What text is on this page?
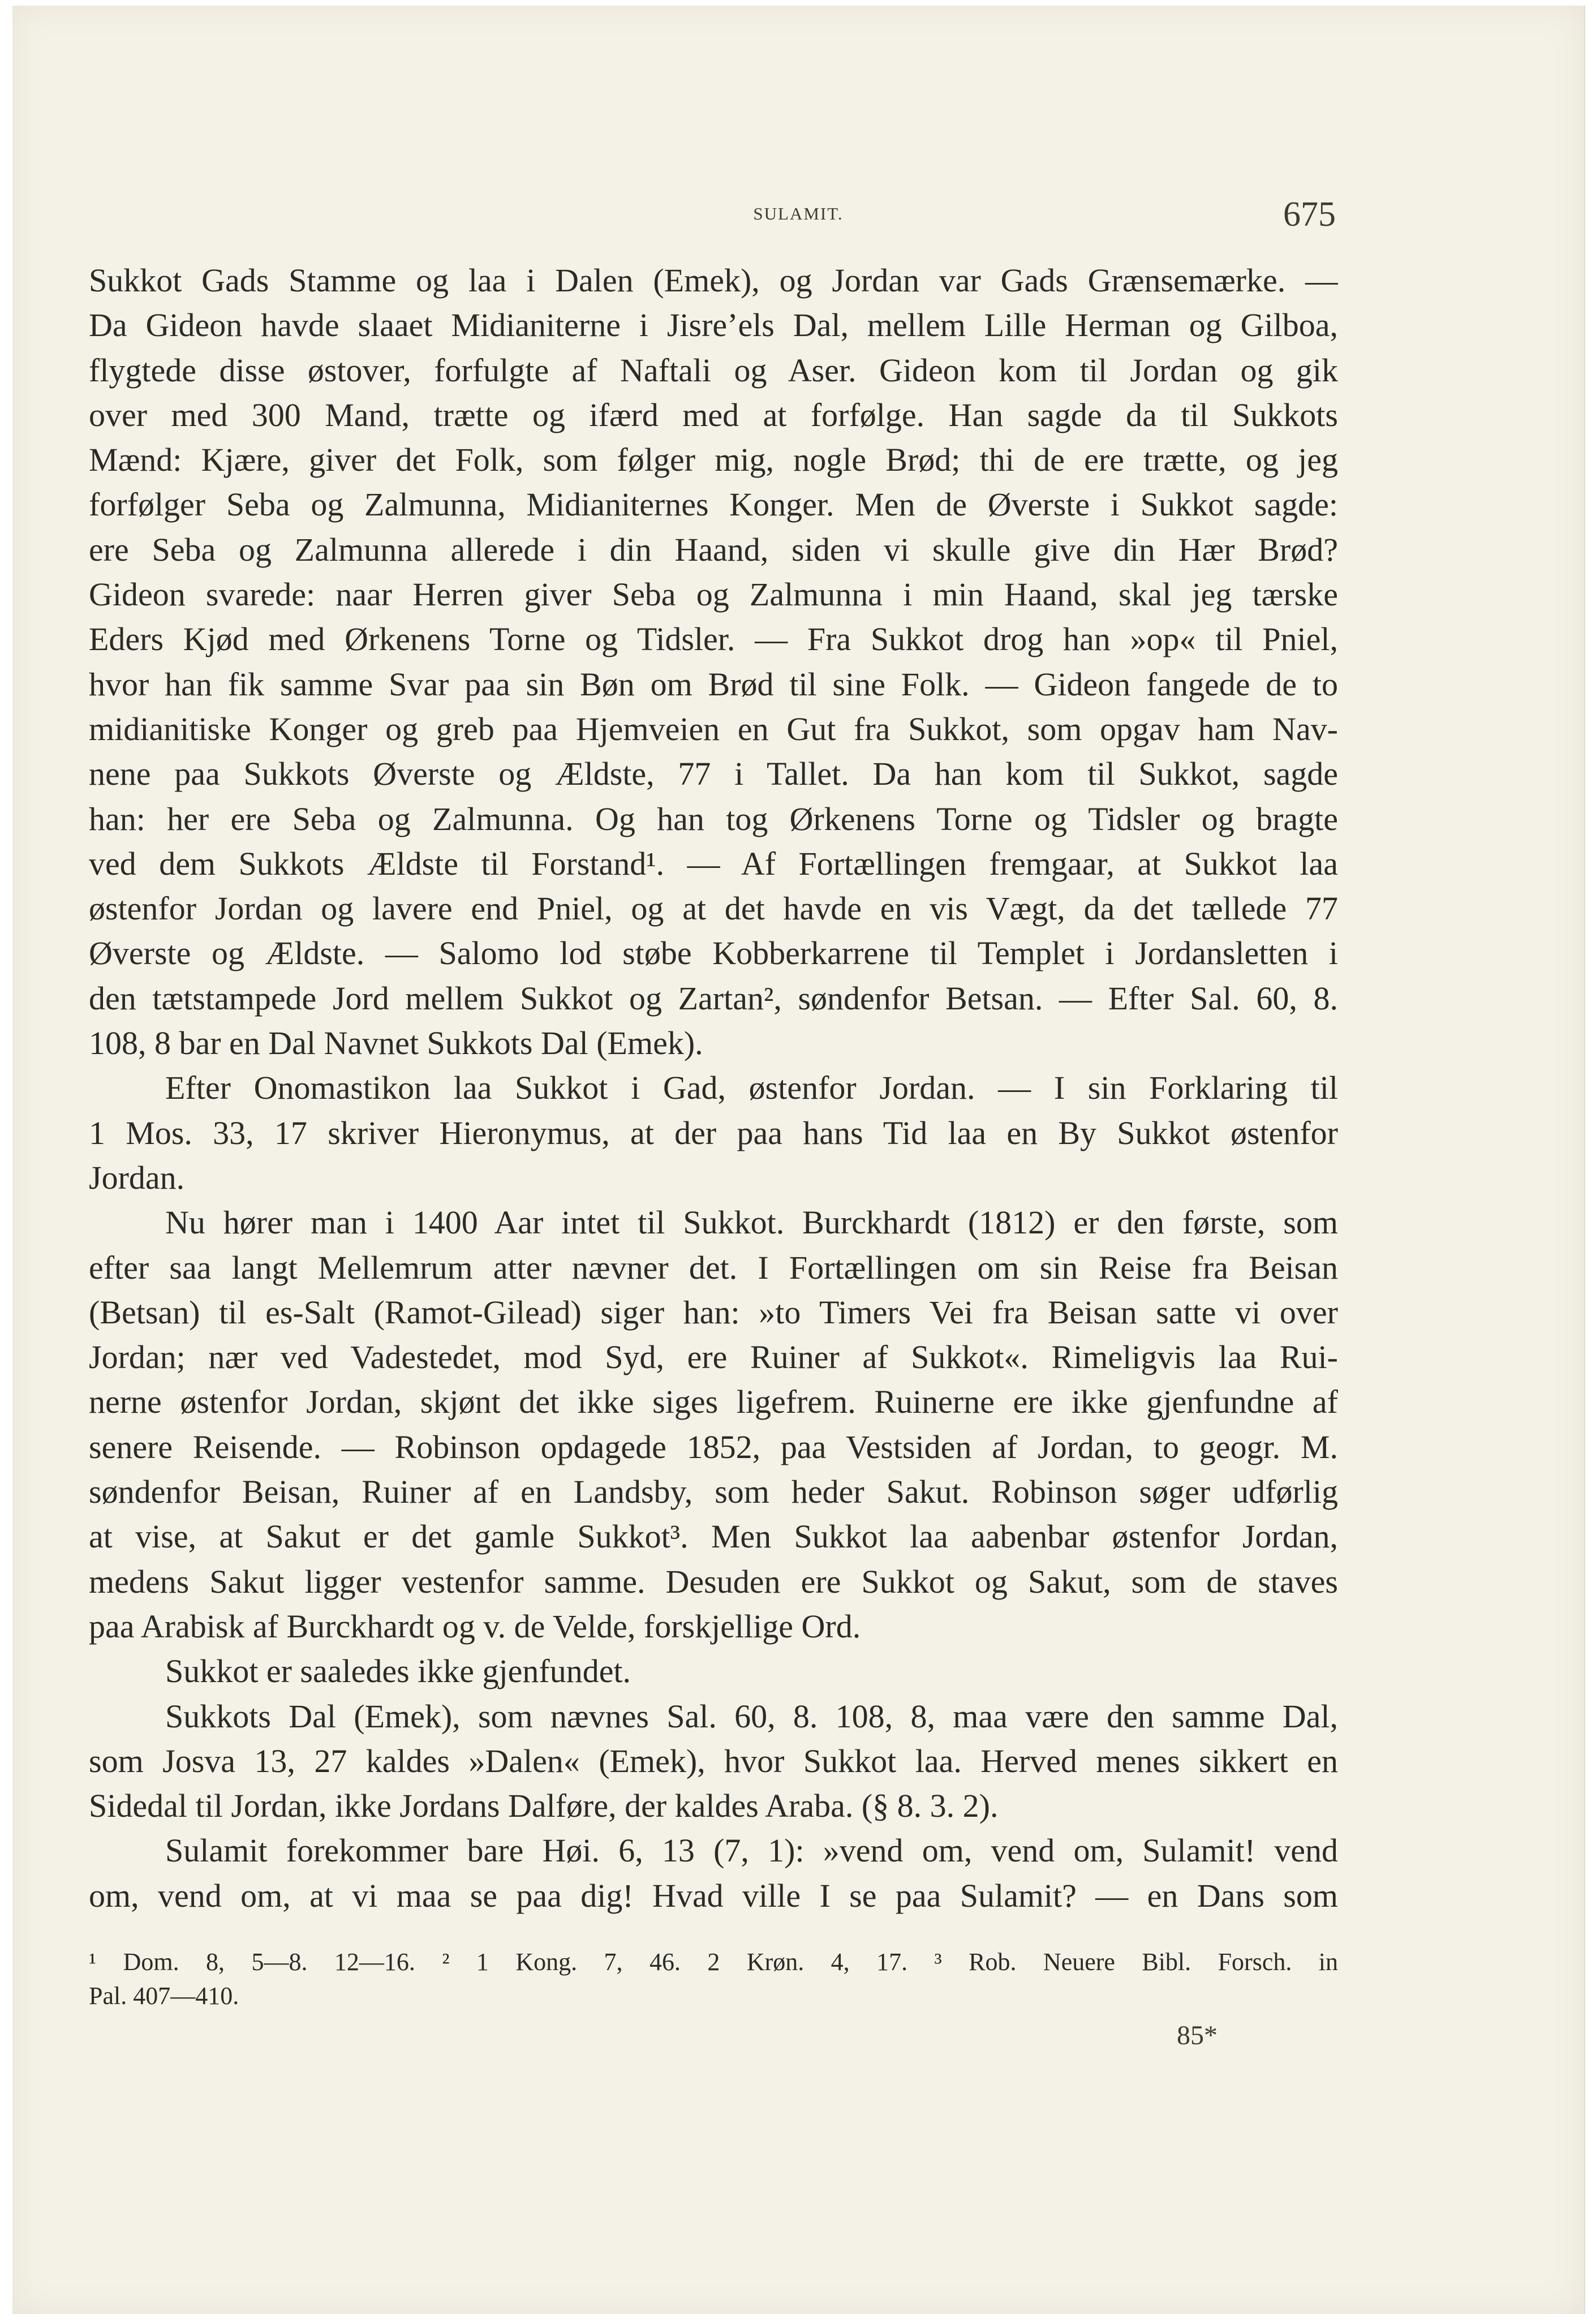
SULAMIT.	675
Sukkot Gads Stamme og laa i Dalen (Emek), og Jordan var Gads Grænsemærke. —
Da Gideon havde slaaet Midianiterne i Jisre’els Dal, mellem Lille Herman og Gilboa,
flygtede disse østover, forfulgte af Naftali og Aser. Gideon kom til Jordan og gik
over med 300 Mand, trætte og ifærd med at forfølge. Han sagde da til Sukkots
Mænd: Kjære, giver det Folk, som følger mig, nogle Brød; thi de ere trætte, og jeg
forfølger Seba og Zalmunna, Midianiternes Konger. Men de Øverste i Sukkot sagde:
ere Seba og Zalmunna allerede i din Haand, siden vi skulle give din Hær Brød?
Gideon svarede: naar Herren giver Seba og Zalmunna i min Haand, skal jeg tærske
Eders Kjød med Ørkenens Torne og Tidsler. — Fra Sukkot drog han »op« til Pniel,
hvor han fik samme Svar paa sin Bøn om Brød til sine Folk. — Gideon fangede de to
midianitiske Konger og greb paa Hjemveien en Gut fra Sukkot, som opgav ham Nav-
nene paa Sukkots Øverste og Ældste, 77 i Tallet. Da han kom til Sukkot, sagde
han: her ere Seba og Zalmunna. Og han tog Ørkenens Torne og Tidsler og bragte
ved dem Sukkots Ældste til Forstand¹. — Af Fortællingen fremgaar, at Sukkot laa
østenfor Jordan og lavere end Pniel, og at det havde en vis Vægt, da det tællede 77
Øverste og Ældste. — Salomo lod støbe Kobberkarrene til Templet i Jordansletten i
den tætstampede Jord mellem Sukkot og Zartan², søndenfor Betsan. — Efter Sal. 60, 8.
108, 8 bar en Dal Navnet Sukkots Dal (Emek).
Efter Onomastikon laa Sukkot i Gad, østenfor Jordan. — I sin Forklaring til
1 Mos. 33, 17 skriver Hieronymus, at der paa hans Tid laa en By Sukkot østenfor
Jordan.
Nu hører man i 1400 Aar intet til Sukkot. Burckhardt (1812) er den første, som
efter saa langt Mellemrum atter nævner det. I Fortællingen om sin Reise fra Beisan
(Betsan) til es-Salt (Ramot-Gilead) siger han: »to Timers Vei fra Beisan satte vi over
Jordan; nær ved Vadestedet, mod Syd, ere Ruiner af Sukkot«. Rimeligvis laa Rui-
nerne østenfor Jordan, skjønt det ikke siges ligefrem. Ruinerne ere ikke gjenfundne af
senere Reisende. — Robinson opdagede 1852, paa Vestsiden af Jordan, to geogr. M.
søndenfor Beisan, Ruiner af en Landsby, som heder Sakut. Robinson søger udførlig
at vise, at Sakut er det gamle Sukkot³. Men Sukkot laa aabenbar østenfor Jordan,
medens Sakut ligger vestenfor samme. Desuden ere Sukkot og Sakut, som de staves
paa Arabisk af Burckhardt og v. de Velde, forskjellige Ord.
Sukkot er saaledes ikke gjenfundet.
Sukkots Dal (Emek), som nævnes Sal. 60, 8. 108, 8, maa være den samme Dal,
som Josva 13, 27 kaldes »Dalen« (Emek), hvor Sukkot laa. Herved menes sikkert en
Sidedal til Jordan, ikke Jordans Dalføre, der kaldes Araba. (§ 8. 3. 2).
Sulamit forekommer bare Høi. 6, 13 (7, 1): »vend om, vend om, Sulamit! vend
om, vend om, at vi maa se paa dig! Hvad ville I se paa Sulamit? — en Dans som
¹ Dom. 8, 5—8. 12—16. ² 1 Kong. 7, 46. 2 Krøn. 4, 17. ³ Rob. Neuere Bibl. Forsch. in
Pal. 407—410.
85*
